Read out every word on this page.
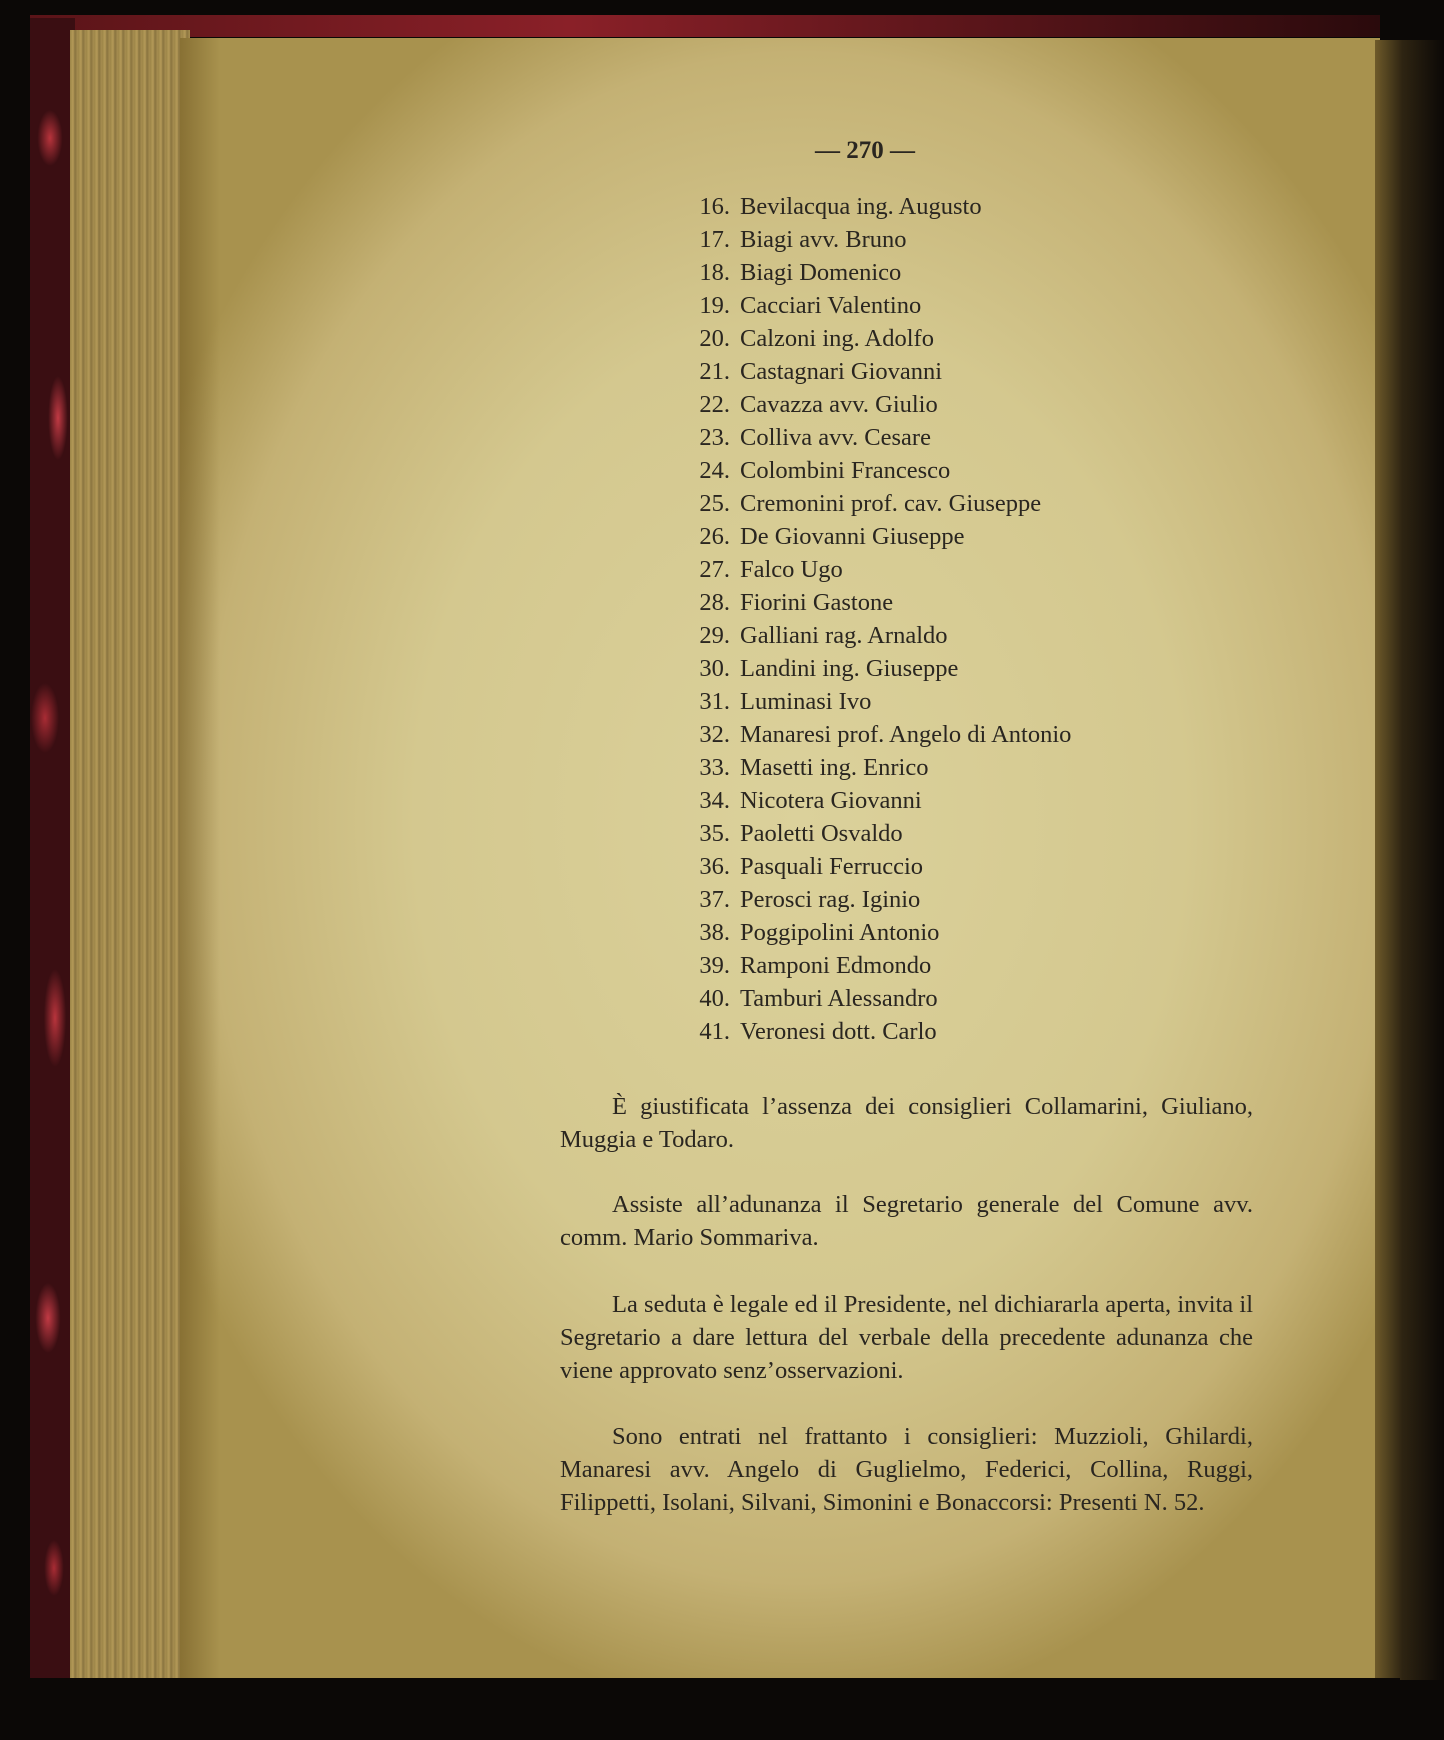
— 270 —
16. Bevilacqua ing. Augusto
17. Biagi avv. Bruno
18. Biagi Domenico
19. Cacciari Valentino
20. Calzoni ing. Adolfo
21. Castagnari Giovanni
22. Cavazza avv. Giulio
23. Colliva avv. Cesare
24. Colombini Francesco
25. Cremonini prof. cav. Giuseppe
26. De Giovanni Giuseppe
27. Falco Ugo
28. Fiorini Gastone
29. Galliani rag. Arnaldo
30. Landini ing. Giuseppe
31. Luminasi Ivo
32. Manaresi prof. Angelo di Antonio
33. Masetti ing. Enrico
34. Nicotera Giovanni
35. Paoletti Osvaldo
36. Pasquali Ferruccio
37. Perosci rag. Iginio
38. Poggipolini Antonio
39. Ramponi Edmondo
40. Tamburi Alessandro
41. Veronesi dott. Carlo

È giustificata l’assenza dei consiglieri Collamarini, Giuliano, Muggia e Todaro.

Assiste all’adunanza il Segretario generale del Comune avv. comm. Mario Sommariva.

La seduta è legale ed il Presidente, nel dichiararla aperta, invita il Segretario a dare lettura del verbale della precedente adunanza che viene approvato senz’osservazioni.

Sono entrati nel frattanto i consiglieri: Muzzioli, Ghilardi, Manaresi avv. Angelo di Guglielmo, Federici, Collina, Ruggi, Filippetti, Isolani, Silvani, Simonini e Bonaccorsi: Presenti N. 52.
